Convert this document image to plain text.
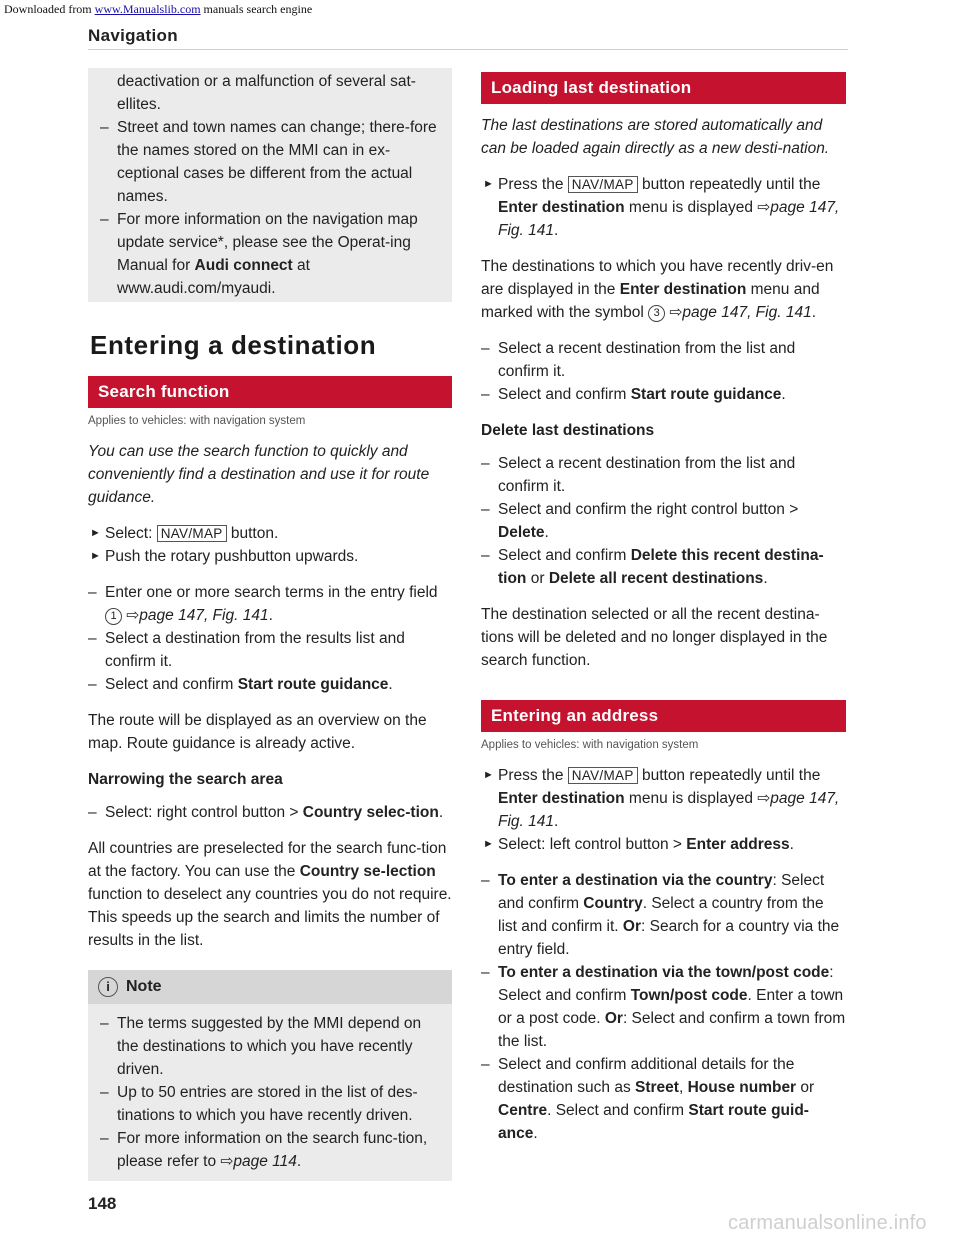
Downloaded from www.Manualslib.com manuals search engine
Navigation

deactivation or a malfunction of several sat-ellites.

– Street and town names can change; there-fore the names stored on the MMI can in ex-ceptional cases be different from the actual names.

– For more information on the navigation map update service*, please see the Operat-ing Manual for Audi connect at www.audi.com/myaudi.

Entering a destination
Search function
Applies to vehicles: with navigation system

You can use the search function to quickly and conveniently find a destination and use it for route guidance.

► Select: NAV/MAP button.

► Push the rotary pushbutton upwards.

– Enter one or more search terms in the entry field 1 ⇨page 147, Fig. 141.

– Select a destination from the results list and confirm it.

– Select and confirm Start route guidance.

The route will be displayed as an overview on the map. Route guidance is already active.

Narrowing the search area

– Select: right control button > Country selec-tion.

All countries are preselected for the search func-tion at the factory. You can use the Country se-lection function to deselect any countries you do not require. This speeds up the search and limits the number of results in the list.

i Note

– The terms suggested by the MMI depend on the destinations to which you have recently driven.

– Up to 50 entries are stored in the list of des-tinations to which you have recently driven.

– For more information on the search func-tion, please refer to ⇨page 114.

148
Loading last destination

The last destinations are stored automatically and can be loaded again directly as a new desti-nation.

► Press the NAV/MAP button repeatedly until the Enter destination menu is displayed ⇨page 147, Fig. 141.

The destinations to which you have recently driv-en are displayed in the Enter destination menu and marked with the symbol 3 ⇨page 147, Fig. 141.

– Select a recent destination from the list and confirm it.

– Select and confirm Start route guidance.

Delete last destinations

– Select a recent destination from the list and confirm it.

– Select and confirm the right control button > Delete.

– Select and confirm Delete this recent destina-tion or Delete all recent destinations.

The destination selected or all the recent destina-tions will be deleted and no longer displayed in the search function.

Entering an address
Applies to vehicles: with navigation system

► Press the NAV/MAP button repeatedly until the Enter destination menu is displayed ⇨page 147, Fig. 141.

► Select: left control button > Enter address.

– To enter a destination via the country: Select and confirm Country. Select a country from the list and confirm it. Or: Search for a country via the entry field.

– To enter a destination via the town/post code: Select and confirm Town/post code. Enter a town or a post code. Or: Select and confirm a town from the list.

– Select and confirm additional details for the destination such as Street, House number or Centre. Select and confirm Start route guid-ance.

carmanualsonline.info
